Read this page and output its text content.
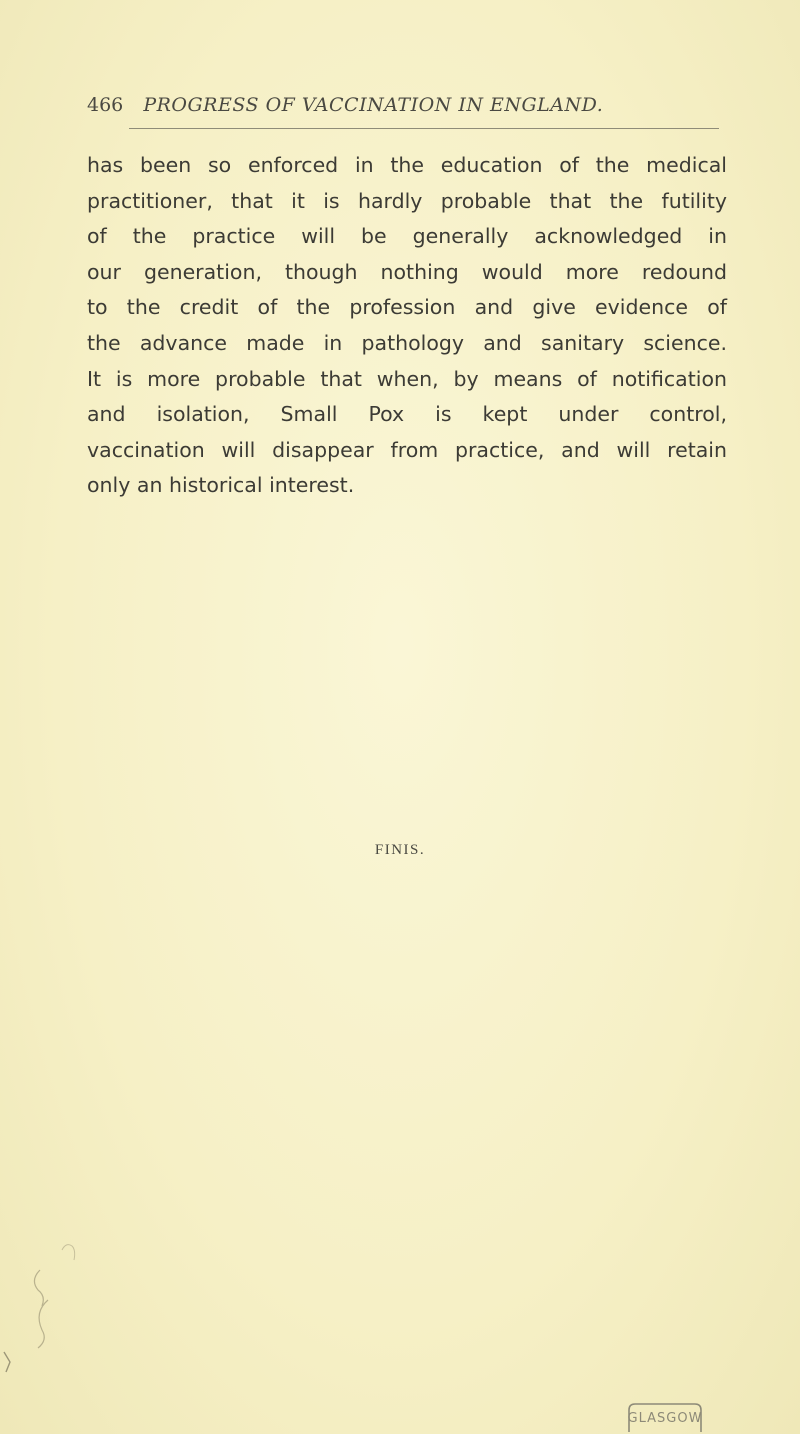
466 PROGRESS OF VACCINATION IN ENGLAND.
has been so enforced in the education of the medical
practitioner, that it is hardly probable that the futility
of the practice will be generally acknowledged in
our generation, though nothing would more redound
to the credit of the profession and give evidence of
the advance made in pathology and sanitary science.
It is more probable that when, by means of notification
and isolation, Small Pox is kept under control,
vaccination will disappear from practice, and will retain
only an historical interest.
FINIS.
GLASGOW
